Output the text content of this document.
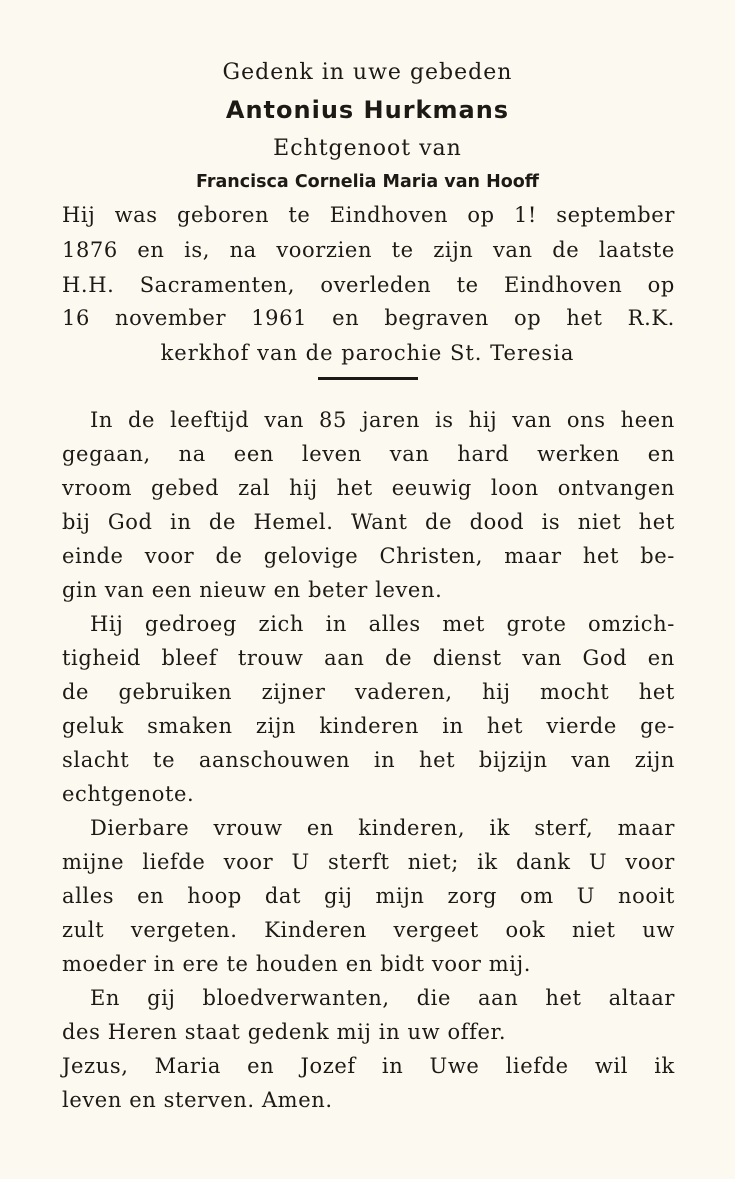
Gedenk in uwe gebeden
Antonius Hurkmans
Echtgenoot van
Francisca Cornelia Maria van Hooff
Hij was geboren te Eindhoven op 1! september
1876 en is, na voorzien te zijn van de laatste
H.H. Sacramenten, overleden te Eindhoven op
16 november 1961 en begraven op het R.K.
kerkhof van de parochie St. Teresia
In de leeftijd van 85 jaren is hij van ons heen
gegaan, na een leven van hard werken en
vroom gebed zal hij het eeuwig loon ontvangen
bij God in de Hemel. Want de dood is niet het
einde voor de gelovige Christen, maar het be-
gin van een nieuw en beter leven.
Hij gedroeg zich in alles met grote omzich-
tigheid bleef trouw aan de dienst van God en
de gebruiken zijner vaderen, hij mocht het
geluk smaken zijn kinderen in het vierde ge-
slacht te aanschouwen in het bijzijn van zijn
echtgenote.
Dierbare vrouw en kinderen, ik sterf, maar
mijne liefde voor U sterft niet; ik dank U voor
alles en hoop dat gij mijn zorg om U nooit
zult vergeten. Kinderen vergeet ook niet uw
moeder in ere te houden en bidt voor mij.
En gij bloedverwanten, die aan het altaar
des Heren staat gedenk mij in uw offer.
Jezus, Maria en Jozef in Uwe liefde wil ik
leven en sterven. Amen.
